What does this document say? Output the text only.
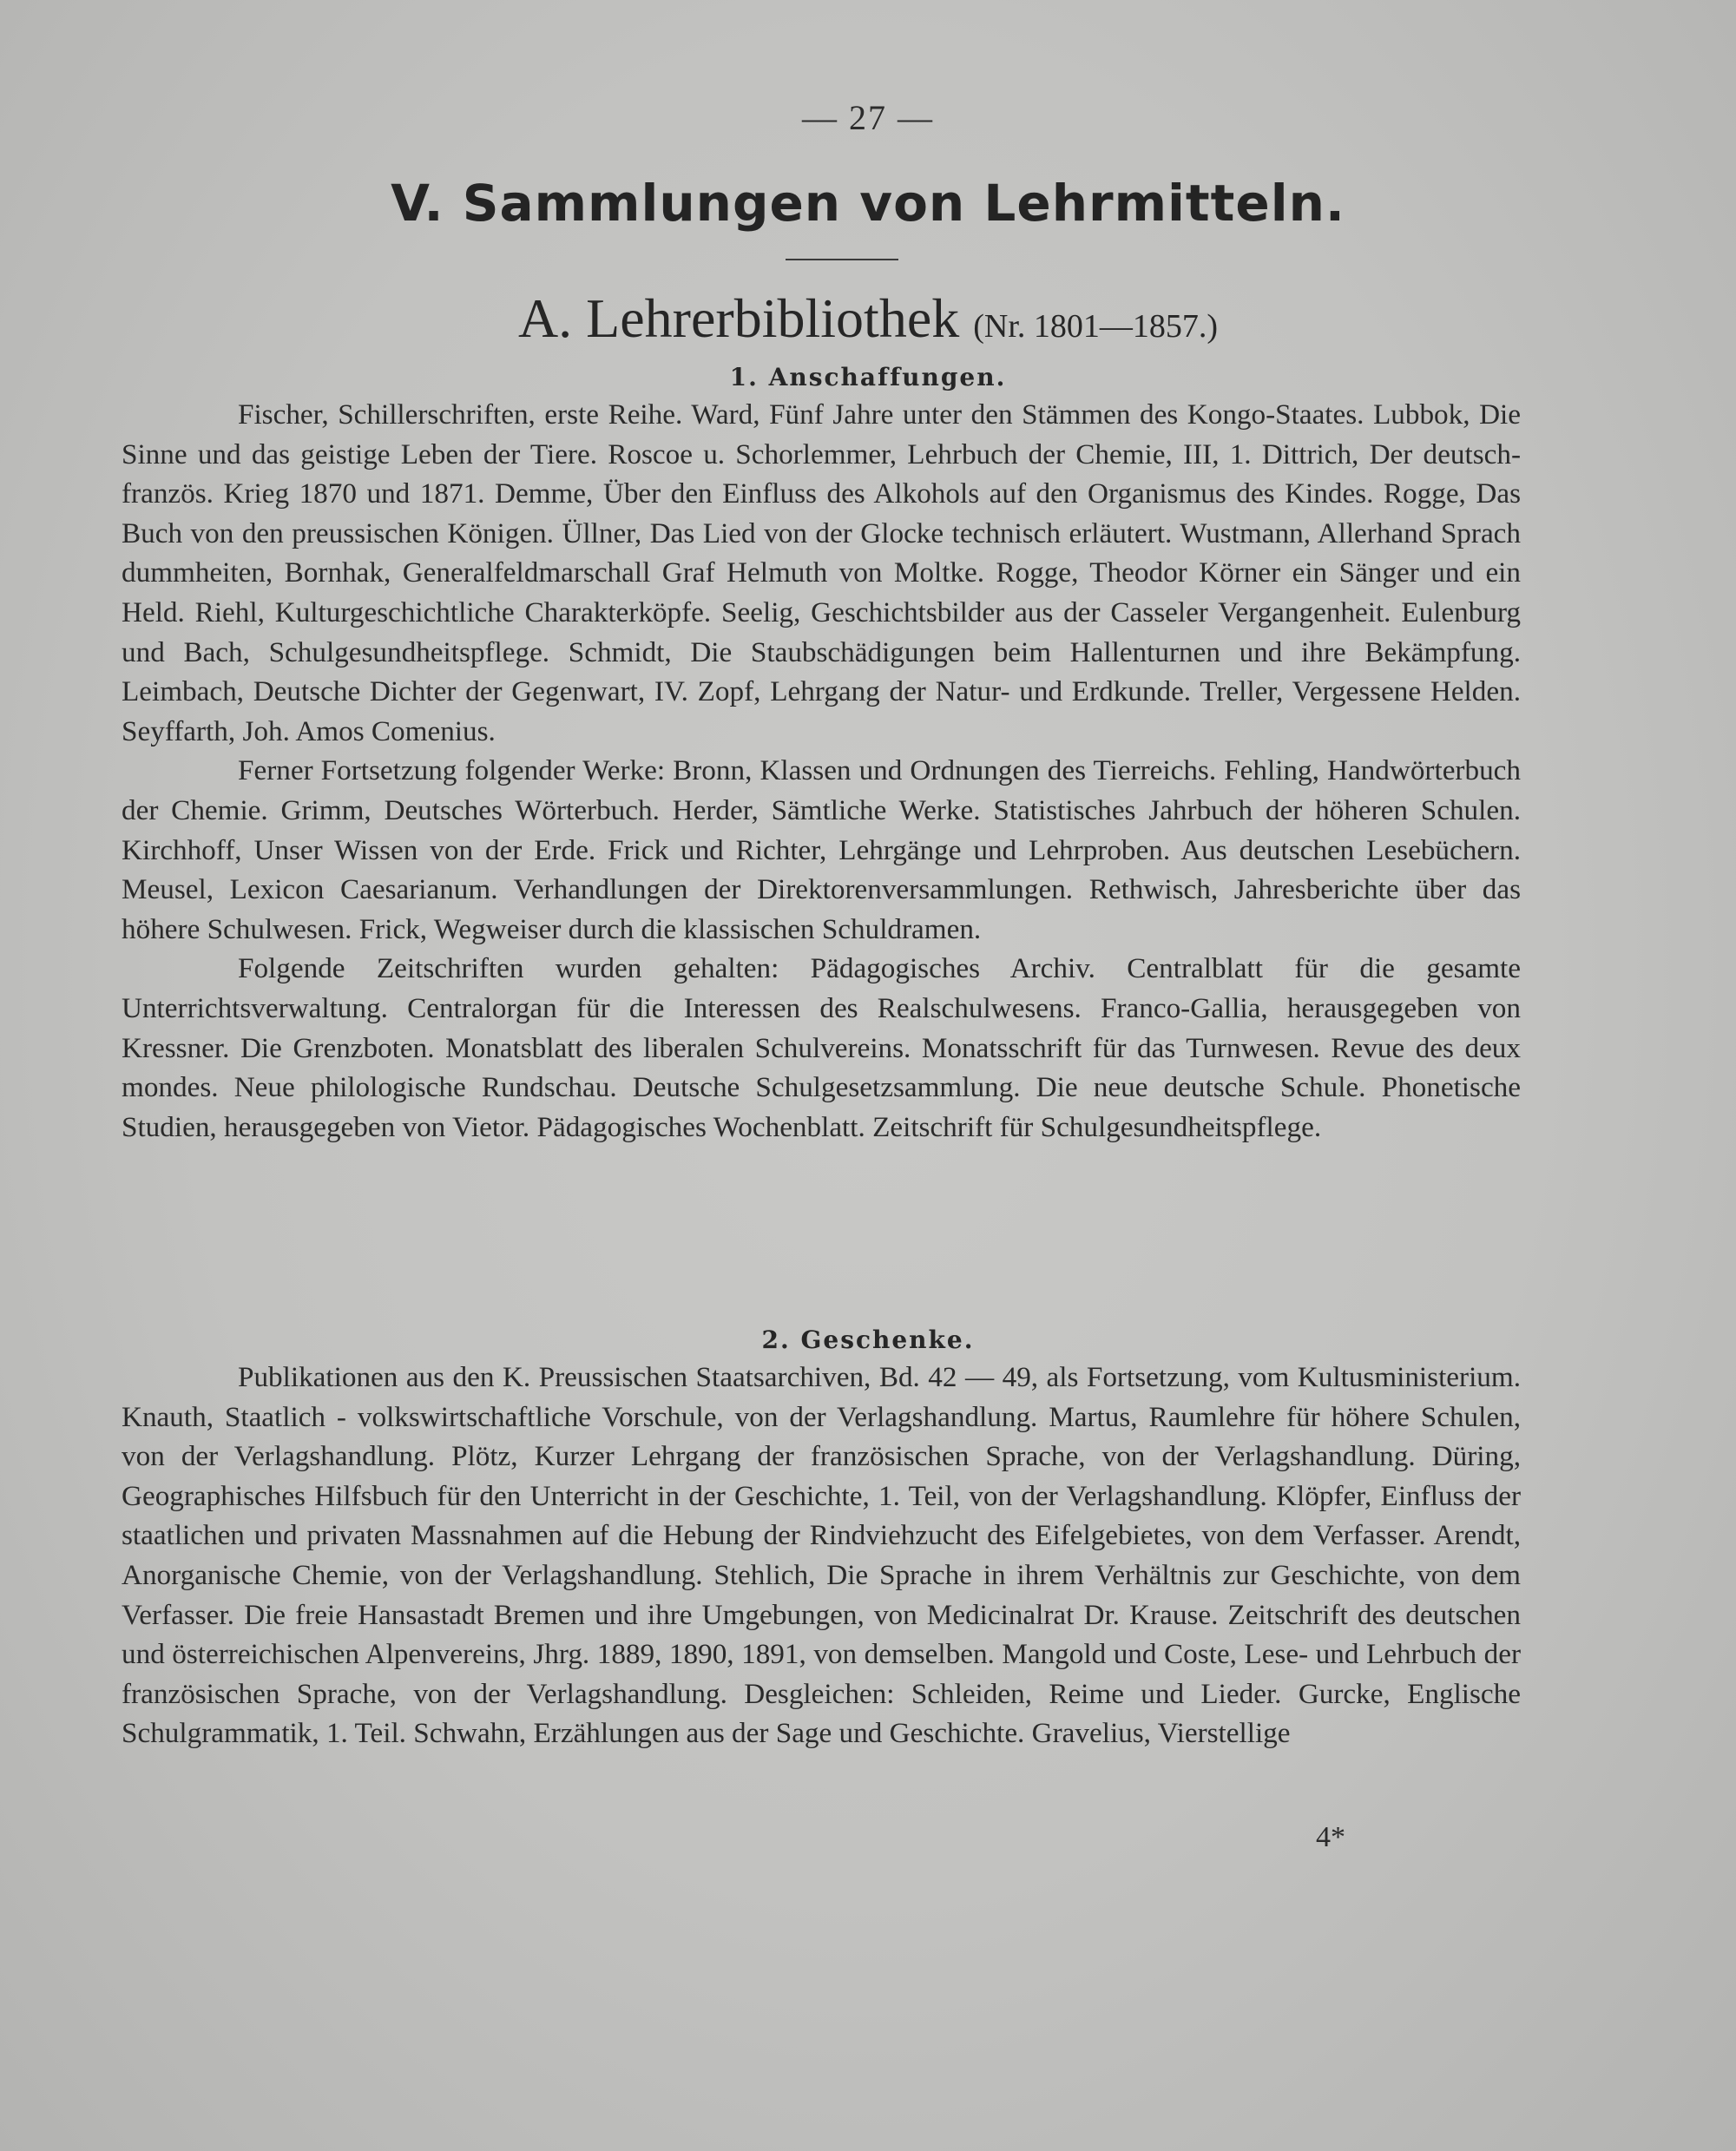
— 27 —
V. Sammlungen von Lehrmitteln.
A. Lehrerbibliothek (Nr. 1801—1857.)
1. Anschaffungen.

Fischer, Schillerschriften, erste Reihe. Ward, Fünf Jahre unter den Stämmen des Kongo-Staates. Lubbok, Die Sinne und das geistige Leben der Tiere. Roscoe u. Schorlemmer, Lehrbuch der Chemie, III, 1. Dittrich, Der deutsch-französ. Krieg 1870 und 1871. Demme, Über den Einfluss des Alkohols auf den Organismus des Kindes. Rogge, Das Buch von den preussischen Königen. Üllner, Das Lied von der Glocke technisch erläutert. Wustmann, Allerhand Sprach dummheiten, Bornhak, Generalfeldmarschall Graf Helmuth von Moltke. Rogge, Theodor Körner ein Sänger und ein Held. Riehl, Kulturgeschichtliche Charakterköpfe. Seelig, Geschichtsbilder aus der Casseler Vergangenheit. Eulenburg und Bach, Schulgesundheitspflege. Schmidt, Die Staubschädigungen beim Hallenturnen und ihre Bekämpfung. Leimbach, Deutsche Dichter der Gegenwart, IV. Zopf, Lehrgang der Natur- und Erdkunde. Treller, Vergessene Helden. Seyffarth, Joh. Amos Comenius.

Ferner Fortsetzung folgender Werke: Bronn, Klassen und Ordnungen des Tierreichs. Fehling, Handwörterbuch der Chemie. Grimm, Deutsches Wörterbuch. Herder, Sämtliche Werke. Statistisches Jahrbuch der höheren Schulen. Kirchhoff, Unser Wissen von der Erde. Frick und Richter, Lehrgänge und Lehrproben. Aus deutschen Lesebüchern. Meusel, Lexicon Caesarianum. Verhandlungen der Direktorenversammlungen. Rethwisch, Jahresberichte über das höhere Schulwesen. Frick, Wegweiser durch die klassischen Schuldramen.

Folgende Zeitschriften wurden gehalten: Pädagogisches Archiv. Centralblatt für die gesamte Unterrichtsverwaltung. Centralorgan für die Interessen des Realschulwesens. Franco-Gallia, herausgegeben von Kressner. Die Grenzboten. Monatsblatt des liberalen Schulvereins. Monatsschrift für das Turnwesen. Revue des deux mondes. Neue philologische Rundschau. Deutsche Schulgesetzsammlung. Die neue deutsche Schule. Phonetische Studien, herausgegeben von Vietor. Pädagogisches Wochenblatt. Zeitschrift für Schulgesundheitspflege.

2. Geschenke.

Publikationen aus den K. Preussischen Staatsarchiven, Bd. 42 — 49, als Fortsetzung, vom Kultusministerium. Knauth, Staatlich - volkswirtschaftliche Vorschule, von der Verlagshandlung. Martus, Raumlehre für höhere Schulen, von der Verlagshandlung. Plötz, Kurzer Lehrgang der französischen Sprache, von der Verlagshandlung. Düring, Geographisches Hilfsbuch für den Unterricht in der Geschichte, 1. Teil, von der Verlagshandlung. Klöpfer, Einfluss der staatlichen und privaten Massnahmen auf die Hebung der Rindviehzucht des Eifelgebietes, von dem Verfasser. Arendt, Anorganische Chemie, von der Verlagshandlung. Stehlich, Die Sprache in ihrem Verhältnis zur Geschichte, von dem Verfasser. Die freie Hansastadt Bremen und ihre Umgebungen, von Medicinalrat Dr. Krause. Zeitschrift des deutschen und österreichischen Alpenvereins, Jhrg. 1889, 1890, 1891, von demselben. Mangold und Coste, Lese- und Lehrbuch der französischen Sprache, von der Verlagshandlung. Desgleichen: Schleiden, Reime und Lieder. Gurcke, Englische Schulgrammatik, 1. Teil. Schwahn, Erzählungen aus der Sage und Geschichte. Gravelius, Vierstellige

4*
